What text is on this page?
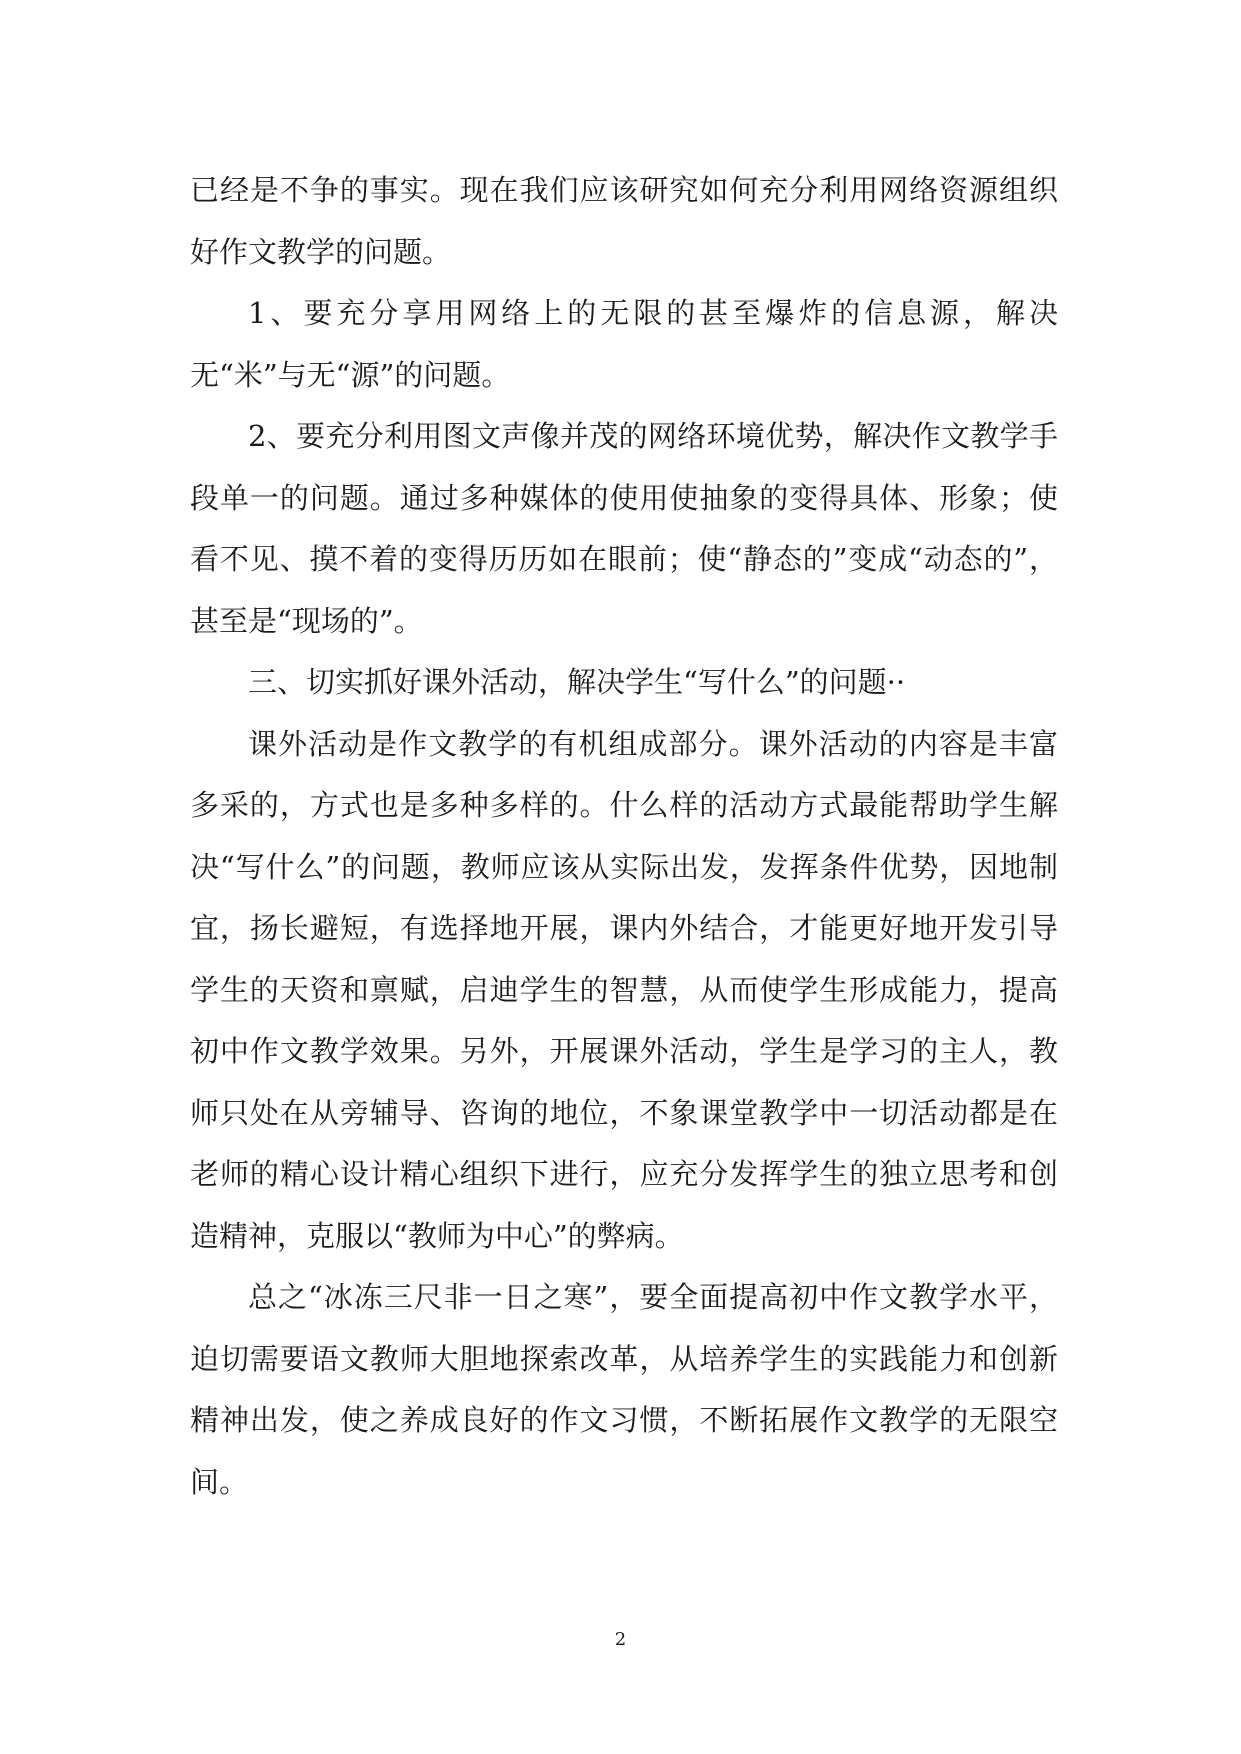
已经是不争的事实。现在我们应该研究如何充分利用网络资源组织好作文教学的问题。

1、要充分享用网络上的无限的甚至爆炸的信息源，解决无“米”与无“源”的问题。

2、要充分利用图文声像并茂的网络环境优势，解决作文教学手段单一的问题。通过多种媒体的使用使抽象的变得具体、形象；使看不见、摸不着的变得历历如在眼前；使“静态的”变成“动态的”，甚至是“现场的”。

三、切实抓好课外活动，解决学生“写什么”的问题··

课外活动是作文教学的有机组成部分。课外活动的内容是丰富多采的，方式也是多种多样的。什么样的活动方式最能帮助学生解决“写什么”的问题，教师应该从实际出发，发挥条件优势，因地制宜，扬长避短，有选择地开展，课内外结合，才能更好地开发引导学生的天资和禀赋，启迪学生的智慧，从而使学生形成能力，提高初中作文教学效果。另外，开展课外活动，学生是学习的主人，教师只处在从旁辅导、咨询的地位，不象课堂教学中一切活动都是在老师的精心设计精心组织下进行，应充分发挥学生的独立思考和创造精神，克服以“教师为中心”的弊病。

总之“冰冻三尺非一日之寒”，要全面提高初中作文教学水平，迫切需要语文教师大胆地探索改革，从培养学生的实践能力和创新精神出发，使之养成良好的作文习惯，不断拓展作文教学的无限空间。

2
